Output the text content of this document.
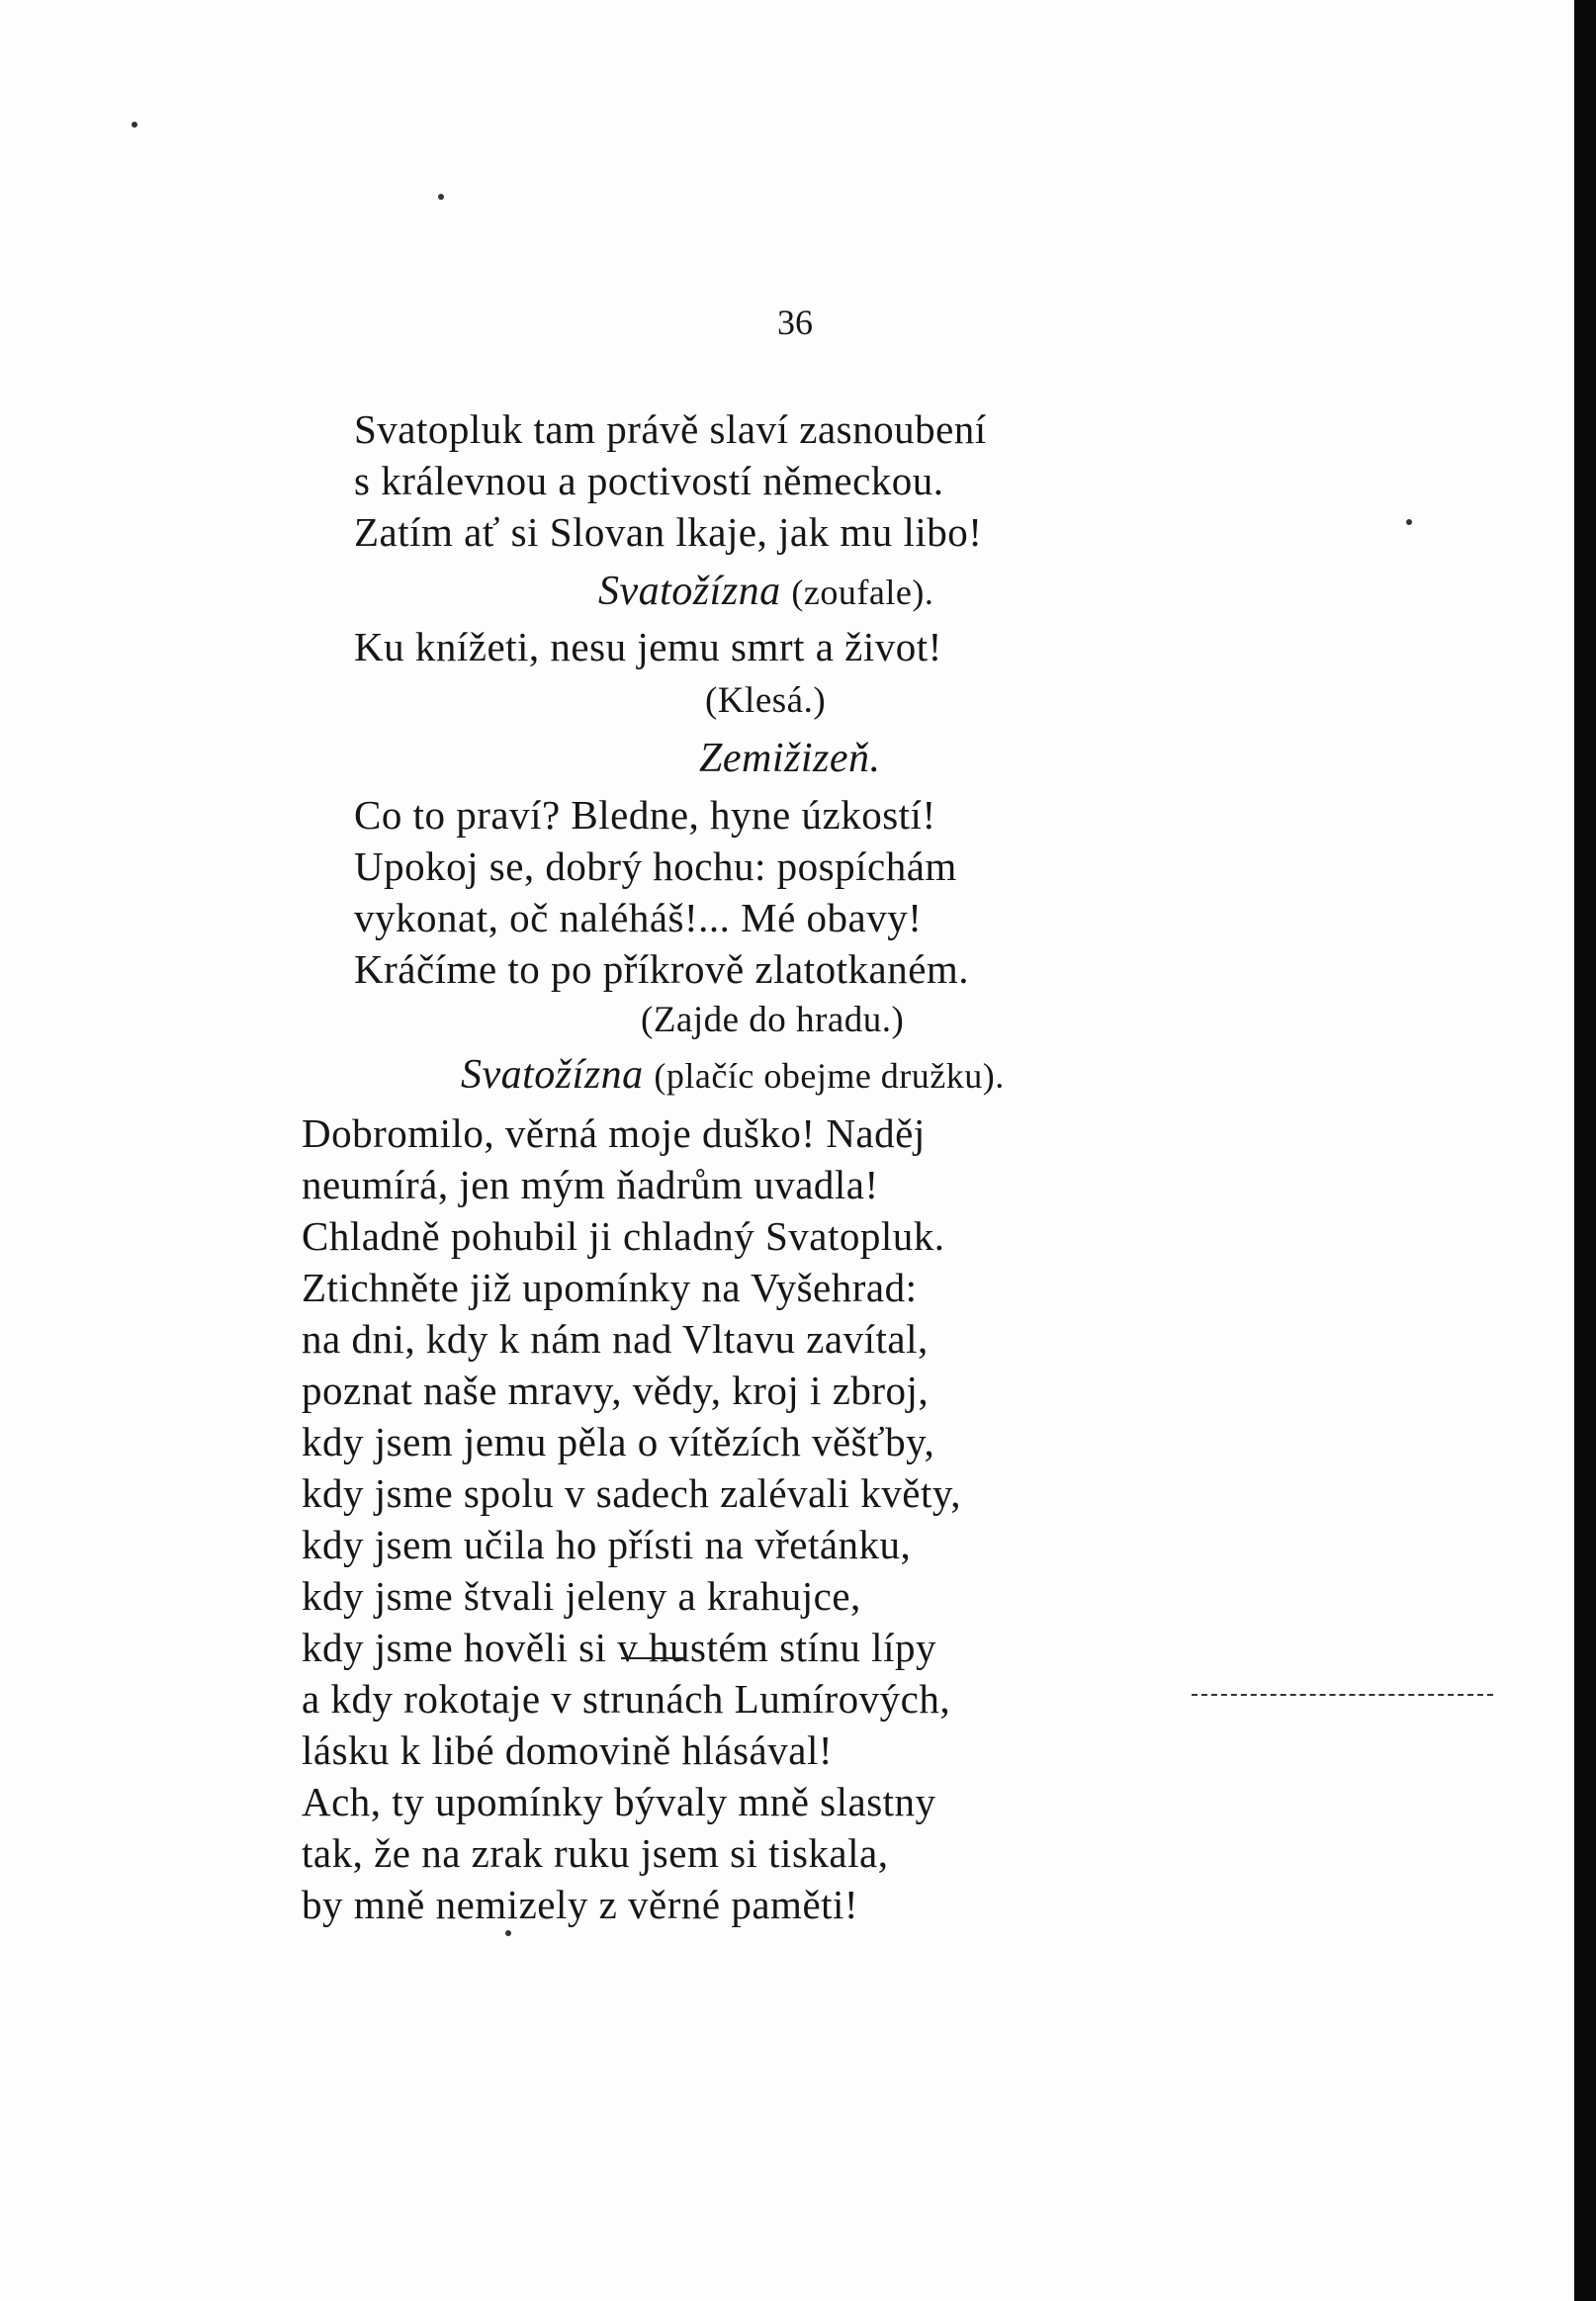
36
Svatopluk tam právě slaví zasnoubení
s králevnou a poctivostí německou.
Zatím ať si Slovan lkaje, jak mu libo!
Svatožízna (zoufale).
Ku knížeti, nesu jemu smrt a život!
(Klesá.)
Zemižizeň.
Co to praví? Bledne, hyne úzkostí!
Upokoj se, dobrý hochu: pospíchám
vykonat, oč naléháš!... Mé obavy!
Kráčíme to po příkrově zlatotkaném.
(Zajde do hradu.)
Svatožízna (plačíc obejme družku).
Dobromilo, věrná moje duško! Naděj
neumírá, jen mým ňadrům uvadla!
Chladně pohubil ji chladný Svatopluk.
Ztichněte již upomínky na Vyšehrad:
na dni, kdy k nám nad Vltavu zavítal,
poznat naše mravy, vědy, kroj i zbroj,
kdy jsem jemu pěla o vítězích věšťby,
kdy jsme spolu v sadech zalévali květy,
kdy jsem učila ho přísti na vřetánku,
kdy jsme štvali jeleny a krahujce,
kdy jsme hověli si v hustém stínu lípy
a kdy rokotaje v strunách Lumírových,
lásku k libé domovině hlásával!
Ach, ty upomínky bývaly mně slastny
tak, že na zrak ruku jsem si tiskala,
by mně nemizely z věrné paměti!
